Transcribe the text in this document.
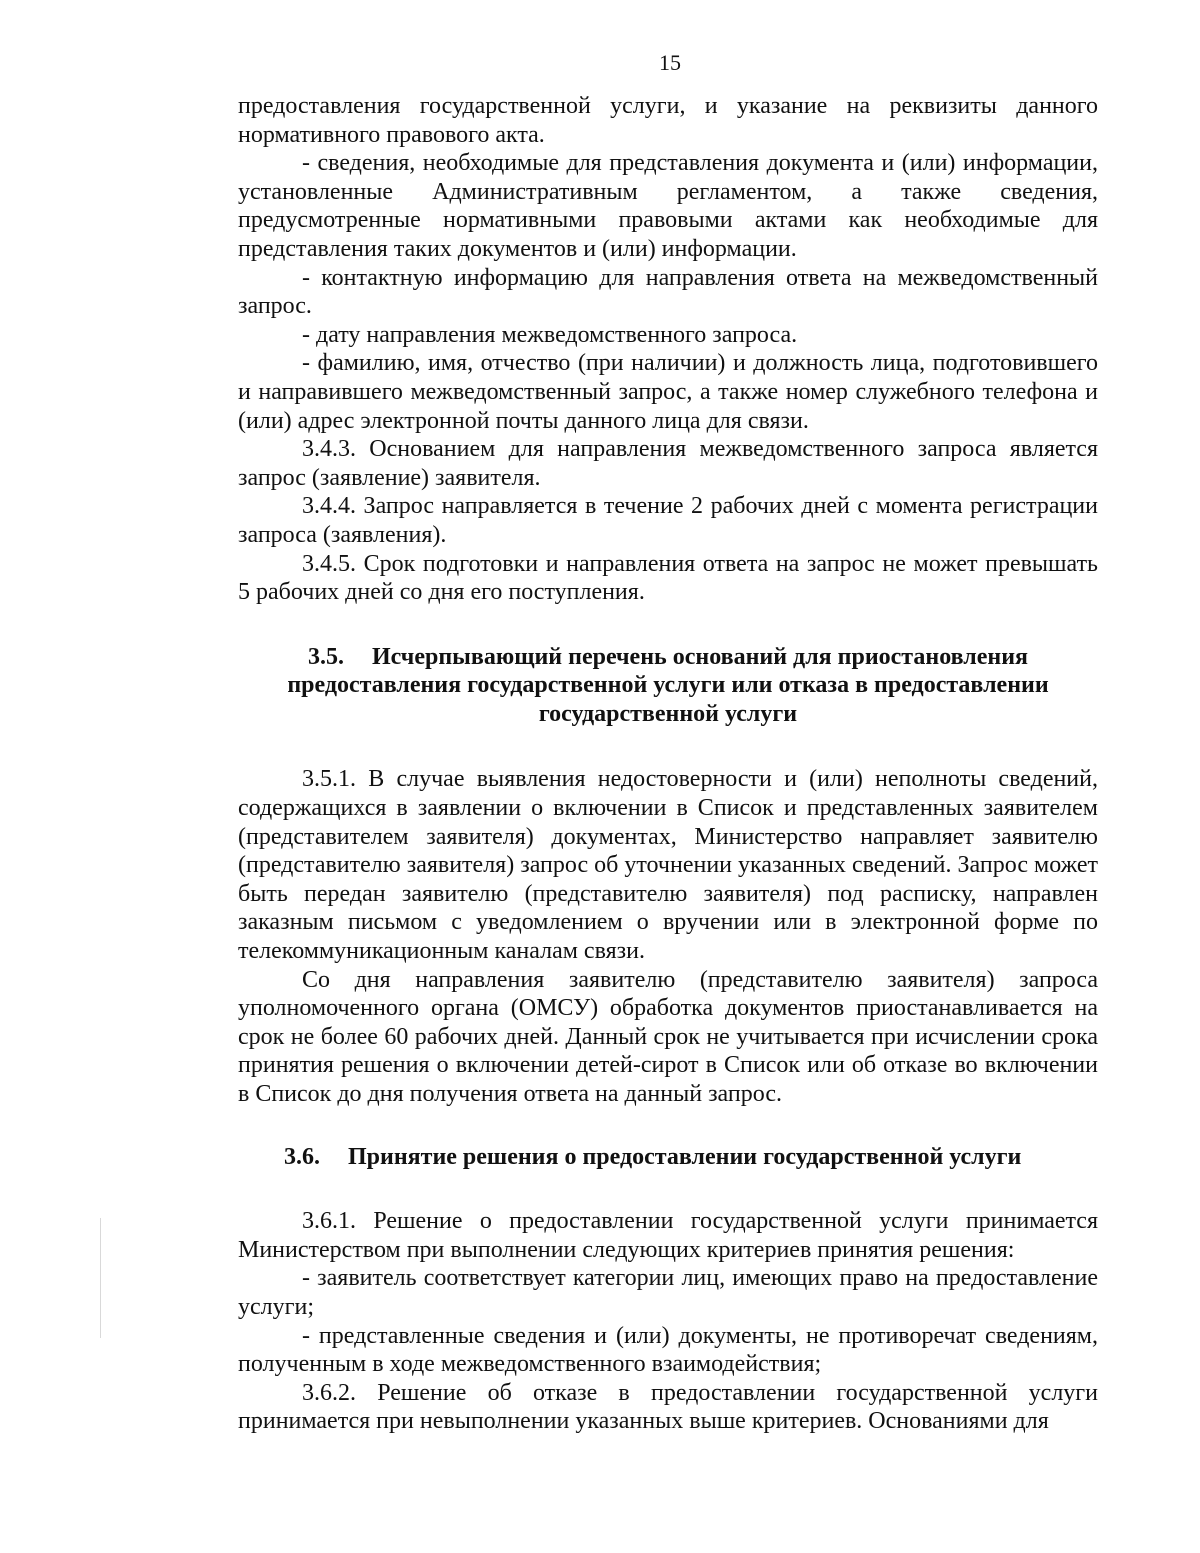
15

предоставления государственной услуги, и указание на реквизиты данного нормативного правового акта.

- сведения, необходимые для представления документа и (или) информации, установленные Административным регламентом, а также сведения, предусмотренные нормативными правовыми актами как необходимые для представления таких документов и (или) информации.

- контактную информацию для направления ответа на межведомственный запрос.

- дату направления межведомственного запроса.

- фамилию, имя, отчество (при наличии) и должность лица, подготовившего и направившего межведомственный запрос, а также номер служебного телефона и (или) адрес электронной почты данного лица для связи.

3.4.3. Основанием для направления межведомственного запроса является запрос (заявление) заявителя.

3.4.4. Запрос направляется в течение 2 рабочих дней с момента регистрации запроса (заявления).

3.4.5. Срок подготовки и направления ответа на запрос не может превышать 5 рабочих дней со дня его поступления.

3.5. Исчерпывающий перечень оснований для приостановления
предоставления государственной услуги или отказа в предоставлении
государственной услуги

3.5.1. В случае выявления недостоверности и (или) неполноты сведений, содержащихся в заявлении о включении в Список и представленных заявителем (представителем заявителя) документах, Министерство направляет заявителю (представителю заявителя) запрос об уточнении указанных сведений. Запрос может быть передан заявителю (представителю заявителя) под расписку, направлен заказным письмом с уведомлением о вручении или в электронной форме по телекоммуникационным каналам связи.

Со дня направления заявителю (представителю заявителя) запроса уполномоченного органа (ОМСУ) обработка документов приостанавливается на срок не более 60 рабочих дней. Данный срок не учитывается при исчислении срока принятия решения о включении детей-сирот в Список или об отказе во включении в Список до дня получения ответа на данный запрос.

3.6. Принятие решения о предоставлении государственной услуги

3.6.1. Решение о предоставлении государственной услуги принимается Министерством при выполнении следующих критериев принятия решения:

- заявитель соответствует категории лиц, имеющих право на предоставление услуги;

- представленные сведения и (или) документы, не противоречат сведениям, полученным в ходе межведомственного взаимодействия;

3.6.2. Решение об отказе в предоставлении государственной услуги принимается при невыполнении указанных выше критериев. Основаниями для
